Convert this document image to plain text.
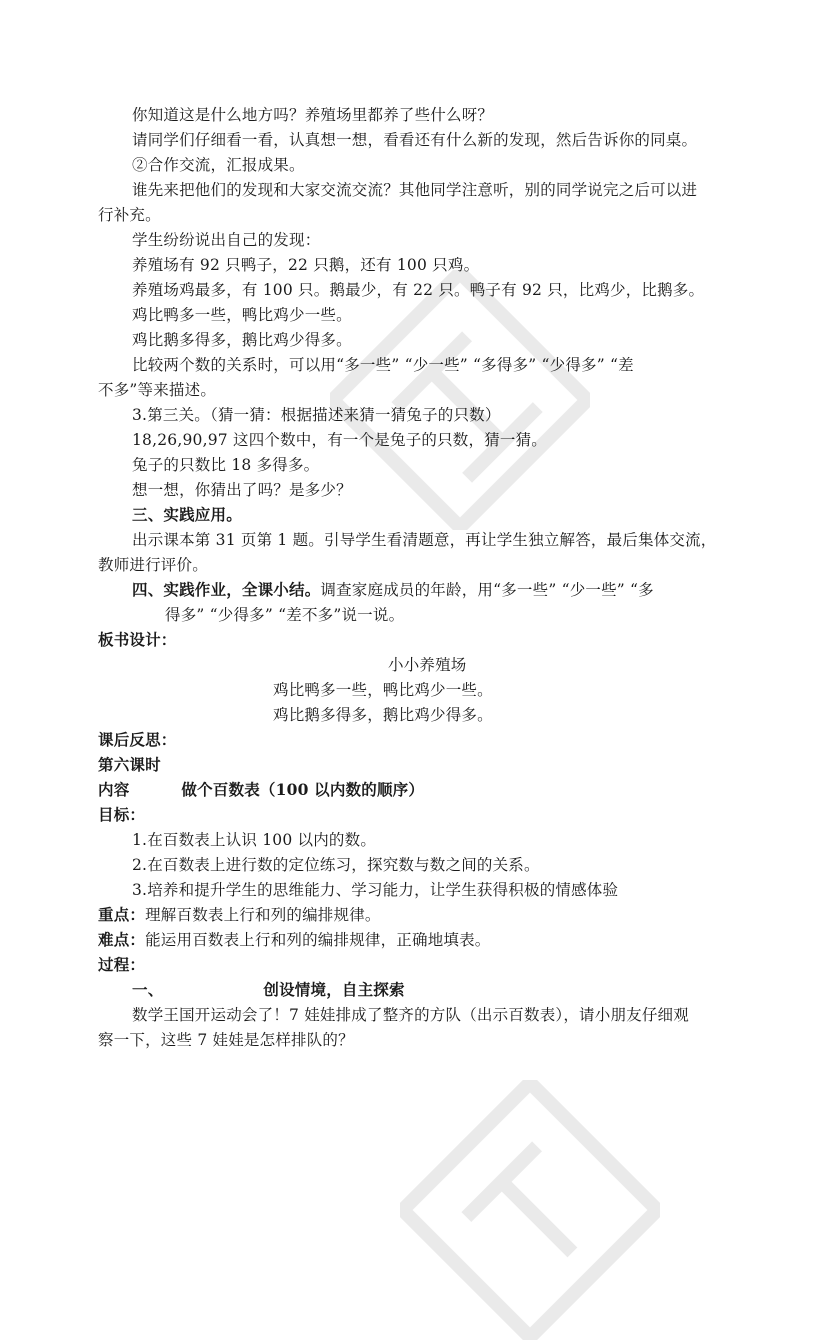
你知道这是什么地方吗？养殖场里都养了些什么呀？
请同学们仔细看一看，认真想一想，看看还有什么新的发现，然后告诉你的同桌。
②合作交流，汇报成果。
谁先来把他们的发现和大家交流交流？其他同学注意听，别的同学说完之后可以进
行补充。
学生纷纷说出自己的发现：
养殖场有 92 只鸭子，22 只鹅，还有 100 只鸡。
养殖场鸡最多，有 100 只。鹅最少，有 22 只。鸭子有 92 只，比鸡少，比鹅多。
鸡比鸭多一些，鸭比鸡少一些。
鸡比鹅多得多，鹅比鸡少得多。
比较两个数的关系时，可以用“多一些” “少一些” “多得多” “少得多” “差
不多”等来描述。
3.第三关。（猜一猜：根据描述来猜一猜兔子的只数）
18,26,90,97 这四个数中，有一个是兔子的只数，猜一猜。
兔子的只数比 18 多得多。
想一想，你猜出了吗？是多少？
三、实践应用。
出示课本第 31 页第 1 题。引导学生看清题意，再让学生独立解答，最后集体交流，
教师进行评价。
四、实践作业，全课小结。调查家庭成员的年龄，用“多一些” “少一些” “多
得多” “少得多” “差不多”说一说。
板书设计：
小小养殖场
鸡比鸭多一些，鸭比鸡少一些。
鸡比鹅多得多，鹅比鸡少得多。
课后反思：
第六课时
内容	做个百数表（100 以内数的顺序）
目标：
1.在百数表上认识 100 以内的数。
2.在百数表上进行数的定位练习，探究数与数之间的关系。
3.培养和提升学生的思维能力、学习能力，让学生获得积极的情感体验
重点：理解百数表上行和列的编排规律。
难点：能运用百数表上行和列的编排规律，正确地填表。
过程：
一、	创设情境，自主探索
数学王国开运动会了！7 娃娃排成了整齐的方队（出示百数表），请小朋友仔细观
察一下，这些 7 娃娃是怎样排队的？
